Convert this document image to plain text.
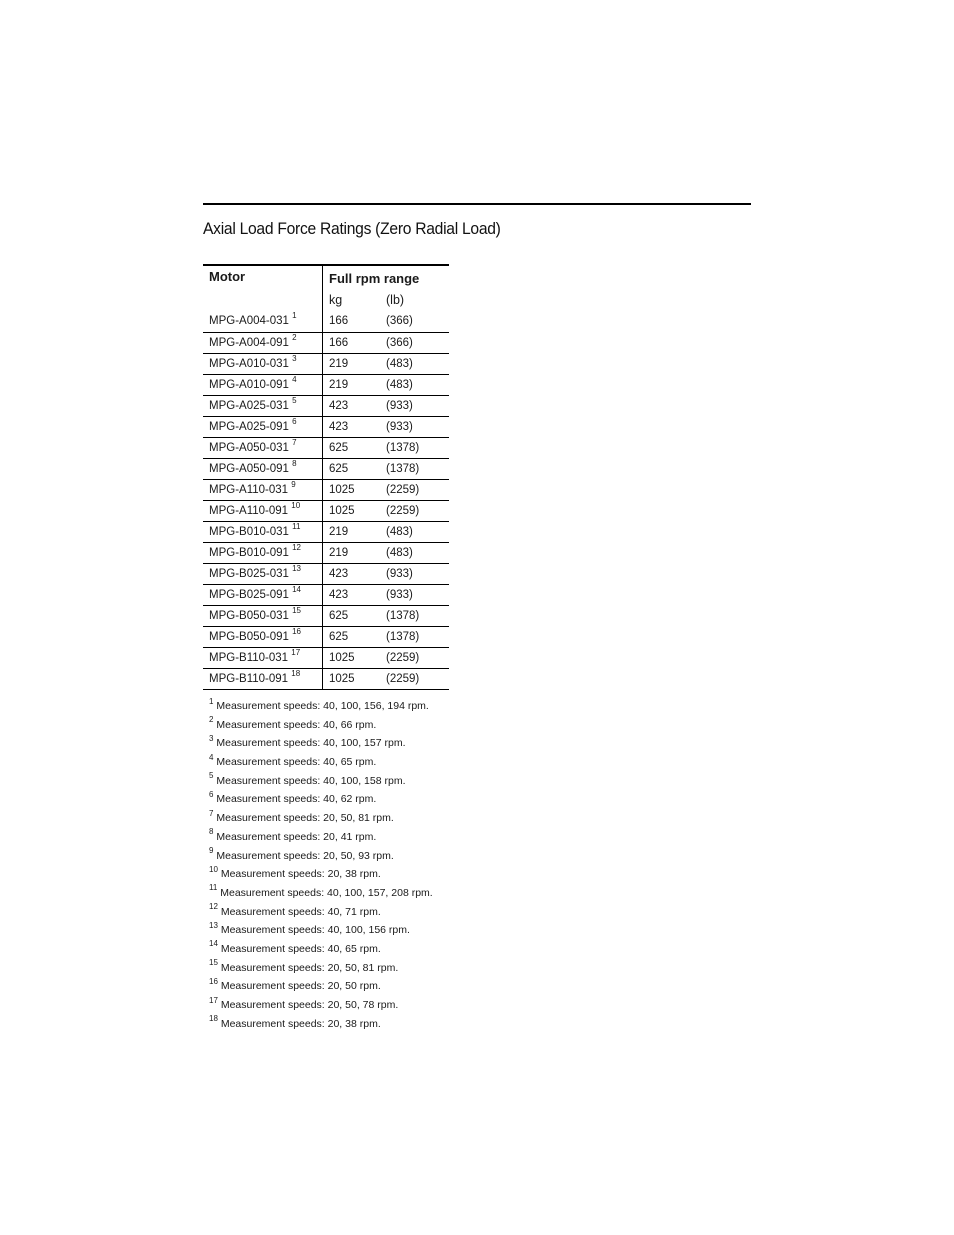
Axial Load Force Ratings (Zero Radial Load)
Motor	Full rpm range	
	kg	(lb)
MPG-A004-031 $^1$	166	(366)
MPG-A004-091 $^2$	166	(366)
MPG-A010-031 $^3$	219	(483)
MPG-A010-091 $^4$	219	(483)
MPG-A025-031 $^5$	423	(933)
MPG-A025-091 $^6$	423	(933)
MPG-A050-031 $^7$	625	(1378)
MPG-A050-091 $^8$	625	(1378)
MPG-A110-031 $^9$	1025	(2259)
MPG-A110-091 $^{10}$	1025	(2259)
MPG-B010-031 $^{11}$	219	(483)
MPG-B010-091 $^{12}$	219	(483)
MPG-B025-031 $^{13}$	423	(933)
MPG-B025-091 $^{14}$	423	(933)
MPG-B050-031 $^{15}$	625	(1378)
MPG-B050-091 $^{16}$	625	(1378)
MPG-B110-031 $^{17}$	1025	(2259)
MPG-B110-091 $^{18}$	1025	(2259)
$^1$ Measurement speeds: 40, 100, 156, 194 rpm.
$^2$ Measurement speeds: 40, 66 rpm.
$^3$ Measurement speeds: 40, 100, 157 rpm.
$^4$ Measurement speeds: 40, 65 rpm.
$^5$ Measurement speeds: 40, 100, 158 rpm.
$^6$ Measurement speeds: 40, 62 rpm.
$^7$ Measurement speeds: 20, 50, 81 rpm.
$^8$ Measurement speeds: 20, 41 rpm.
$^9$ Measurement speeds: 20, 50, 93 rpm.
$^{10}$ Measurement speeds: 20, 38 rpm.
$^{11}$ Measurement speeds: 40, 100, 157, 208 rpm.
$^{12}$ Measurement speeds: 40, 71 rpm.
$^{13}$ Measurement speeds: 40, 100, 156 rpm.
$^{14}$ Measurement speeds: 40, 65 rpm.
$^{15}$ Measurement speeds: 20, 50, 81 rpm.
$^{16}$ Measurement speeds: 20, 50 rpm.
$^{17}$ Measurement speeds: 20, 50, 78 rpm.
$^{18}$ Measurement speeds: 20, 38 rpm.
